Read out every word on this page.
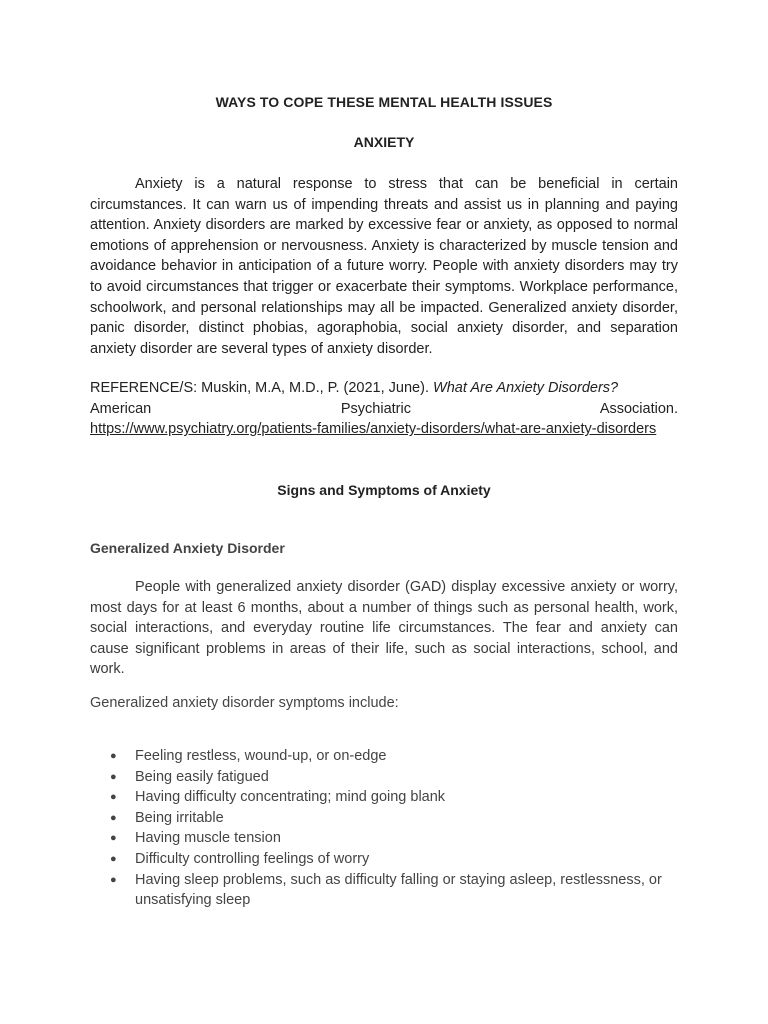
WAYS TO COPE THESE MENTAL HEALTH ISSUES
ANXIETY

Anxiety is a natural response to stress that can be beneficial in certain circumstances. It can warn us of impending threats and assist us in planning and paying attention. Anxiety disorders are marked by excessive fear or anxiety, as opposed to normal emotions of apprehension or nervousness. Anxiety is characterized by muscle tension and avoidance behavior in anticipation of a future worry. People with anxiety disorders may try to avoid circumstances that trigger or exacerbate their symptoms. Workplace performance, schoolwork, and personal relationships may all be impacted. Generalized anxiety disorder, panic disorder, distinct phobias, agoraphobia, social anxiety disorder, and separation anxiety disorder are several types of anxiety disorder.

REFERENCE/S: Muskin, M.A, M.D., P. (2021, June). What Are Anxiety Disorders?
American Psychiatric Association.
https://www.psychiatry.org/patients-families/anxiety-disorders/what-are-anxiety-disorders
Signs and Symptoms of Anxiety
Generalized Anxiety Disorder

People with generalized anxiety disorder (GAD) display excessive anxiety or worry, most days for at least 6 months, about a number of things such as personal health, work, social interactions, and everyday routine life circumstances. The fear and anxiety can cause significant problems in areas of their life, such as social interactions, school, and work.

Generalized anxiety disorder symptoms include:
● Feeling restless, wound-up, or on-edge
● Being easily fatigued
● Having difficulty concentrating; mind going blank
● Being irritable
● Having muscle tension
● Difficulty controlling feelings of worry
● Having sleep problems, such as difficulty falling or staying asleep, restlessness, or unsatisfying sleep
